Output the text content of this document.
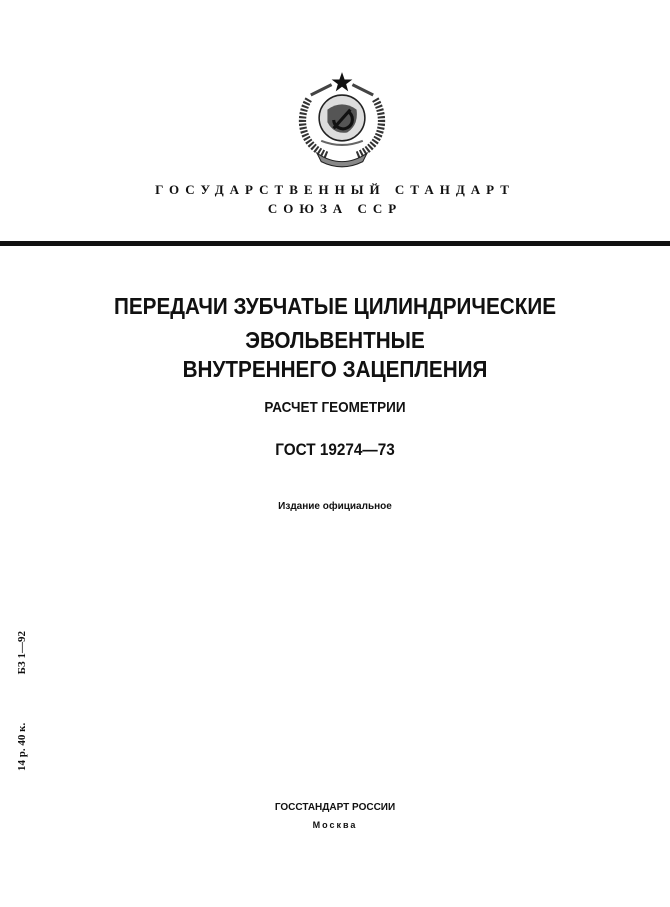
ГОСУДАРСТВЕННЫЙ СТАНДАРТ
СОЮЗА ССР
ПЕРЕДАЧИ ЗУБЧАТЫЕ ЦИЛИНДРИЧЕСКИЕ
ЭВОЛЬВЕНТНЫЕ
ВНУТРЕННЕГО ЗАЦЕПЛЕНИЯ
РАСЧЕТ ГЕОМЕТРИИ
ГОСТ 19274—73
Издание официальное
14 р. 40 к.
БЗ 1—92
ГОССТАНДАРТ РОССИИ
Москва
